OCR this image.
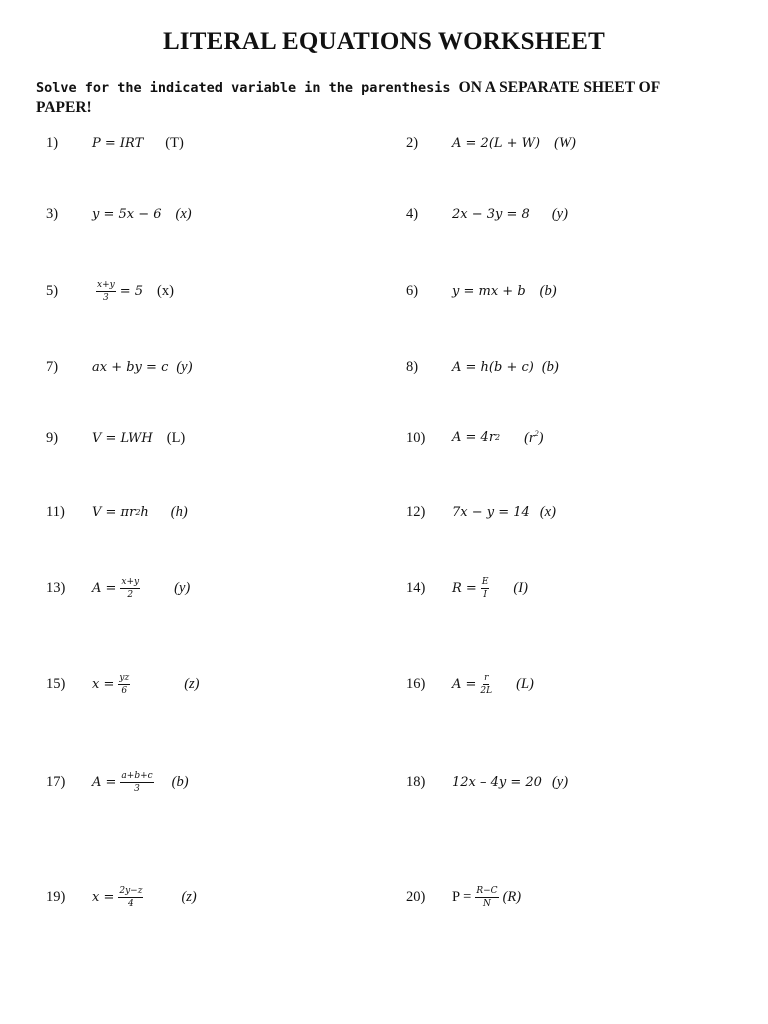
LITERAL EQUATIONS WORKSHEET
Solve for the indicated variable in the parenthesis ON A SEPARATE SHEET OF PAPER!
1)	P = IRT (T)	2)	A = 2(L + W) (W)
3)	y = 5x − 6 (x)	4)	2x − 3y = 8 (y)
5)	$\frac{x+y}{3} = 5$ (x)	6)	y = mx + b (b)
7)	ax + by = c (y)	8)	A = h(b + c) (b)
9)	V = LWH (L)	10)	A = 4r 2 $(r^2)$
11)	V = πr 2 h (h)	12)	7x − y = 14 (x)
13)	$A = \frac{x+y}{2} (y)$	14)	$R = \frac{E}{I} (I)$
15)	$x = \frac{yz}{6}$	(z)	16)	$A = \frac{r}{2L} (L)$
17)	$A = \frac{a+b+c}{3} (b)$	18)	12x – 4y = 20 (y)
19)	$x = \frac{2y-z}{4}$	(z)	20)	$P = \frac{R-C}{N} (R)$
